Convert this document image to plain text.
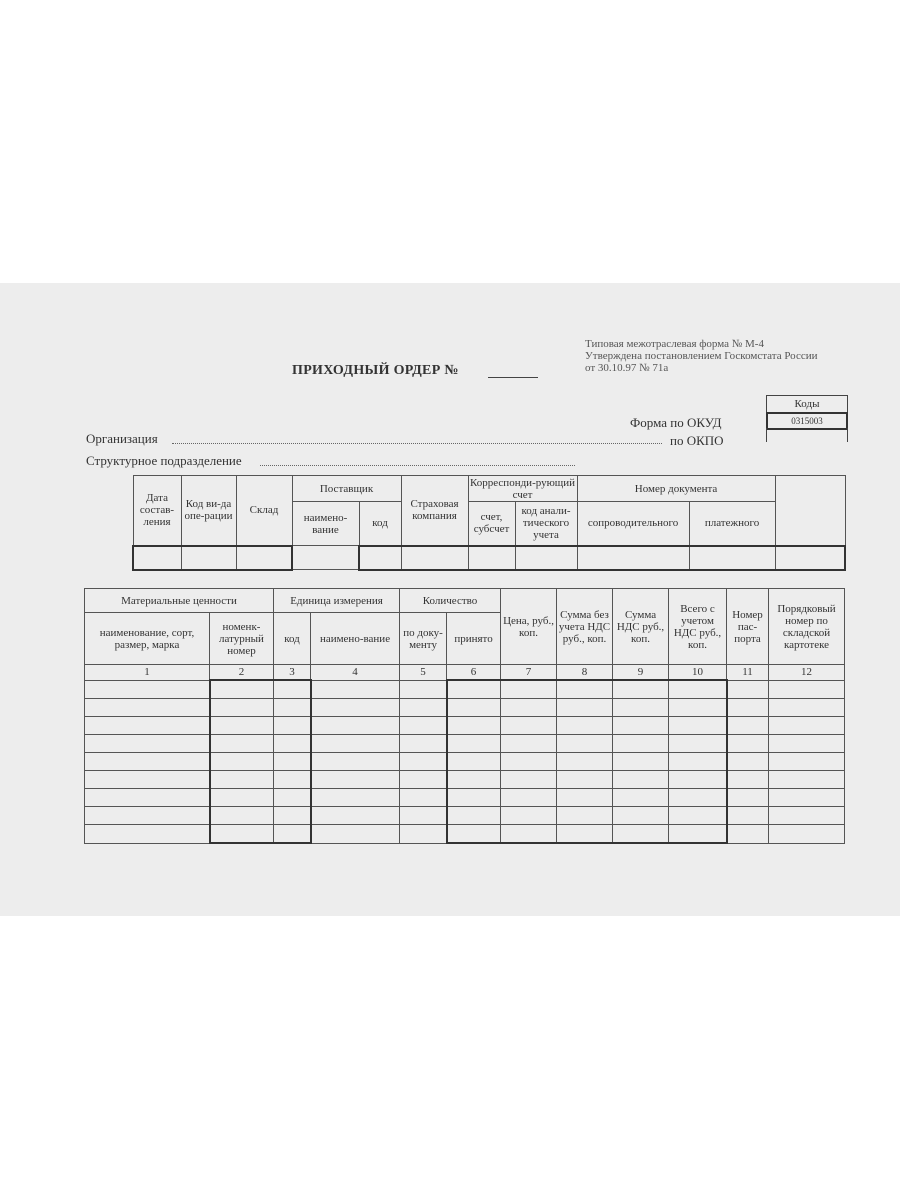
Типовая межотраслевая форма № М-4
Утверждена постановлением Госкомстата России
от 30.10.97 № 71а
ПРИХОДНЫЙ ОРДЕР №
Коды
Форма по ОКУД	0315003
по ОКПО
Организация
Структурное подразделение
Дата состав-ления	Код ви-да опе-рации	Склад	Поставщик		Страховая компания	Корреспонди-рующий счет		Номер документа		
			наимено-вание	код		счет, субсчет	код анали-тического учета	сопроводительного	платежного	

Материальные ценности		Единица измерения		Количество		Цена, руб., коп.	Сумма без учета НДС руб., коп.	Сумма НДС руб., коп.	Всего с учетом НДС руб., коп.	Номер пас-порта	Порядковый номер по складской картотеке
наименование, сорт, размер, марка	номенк-латурный номер	код	наимено-вание	по доку-менту	принято						
1	2	3	4	5	6	7	8	9	10	11	12
